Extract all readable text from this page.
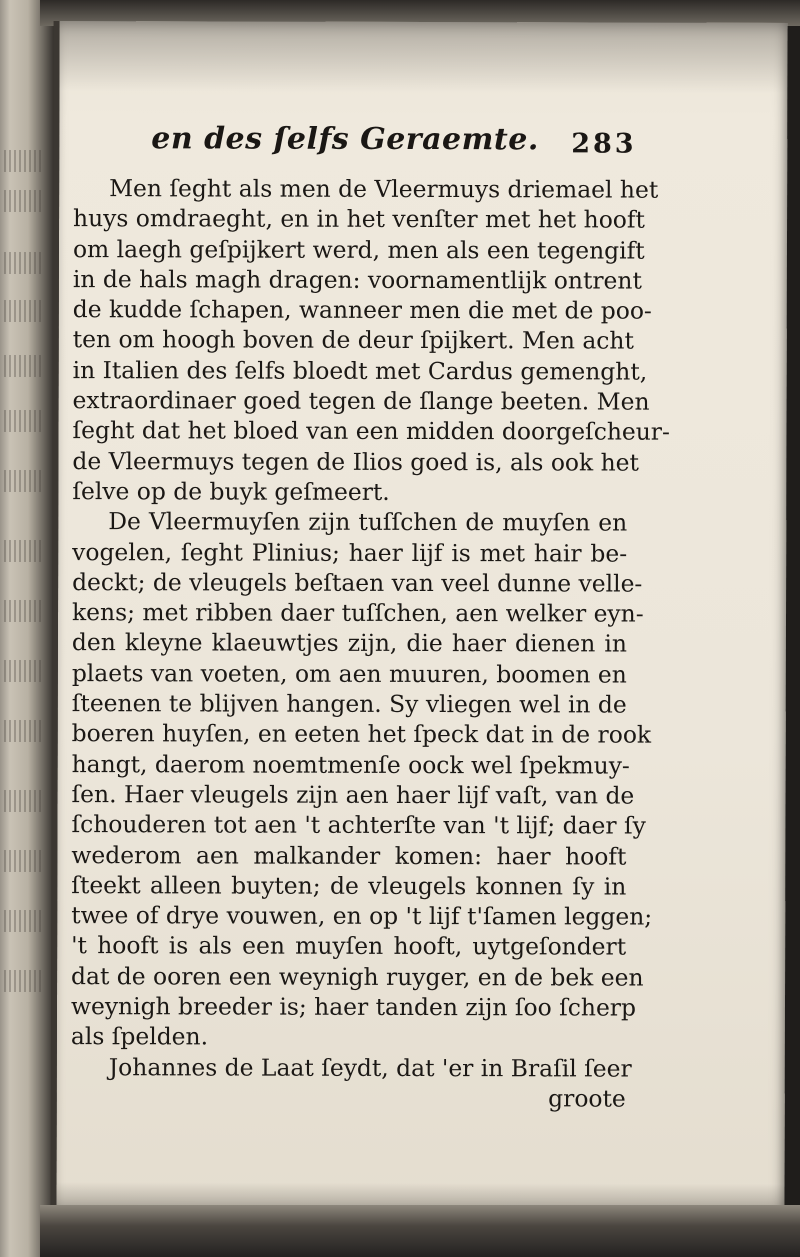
en des ſelfs Geraemte. 283
Men ſeght als men de Vleermuys driemael het
huys omdraeght, en in het venſter met het hooft
om laegh geſpijkert werd, men als een tegengift
in de hals magh dragen: voornamentlijk ontrent
de kudde ſchapen, wanneer men die met de poo-
ten om hoogh boven de deur ſpijkert. Men acht
in Italien des ſelfs bloedt met Cardus gemenght,
extraordinaer goed tegen de ſlange beeten. Men
ſeght dat het bloed van een midden doorgeſcheur-
de Vleermuys tegen de Ilios goed is, als ook het
ſelve op de buyk geſmeert.
De Vleermuyſen zijn tuſſchen de muyſen en
vogelen, ſeght Plinius; haer lijf is met hair be-
deckt; de vleugels beſtaen van veel dunne velle-
kens; met ribben daer tuſſchen, aen welker eyn-
den kleyne klaeuwtjes zijn, die haer dienen in
plaets van voeten, om aen muuren, boomen en
ſteenen te blijven hangen. Sy vliegen wel in de
boeren huyſen, en eeten het ſpeck dat in de rook
hangt, daerom noemtmenſe oock wel ſpekmuy-
ſen. Haer vleugels zijn aen haer lijf vaſt, van de
ſchouderen tot aen 't achterſte van 't lijf; daer ſy
wederom aen malkander komen: haer hooft
ſteekt alleen buyten; de vleugels konnen ſy in
twee of drye vouwen, en op 't lijf t'ſamen leggen;
't hooft is als een muyſen hooft, uytgeſondert
dat de ooren een weynigh ruyger, en de bek een
weynigh breeder is; haer tanden zijn ſoo ſcherp
als ſpelden.
Johannes de Laat ſeydt, dat 'er in Braſil ſeer
groote
